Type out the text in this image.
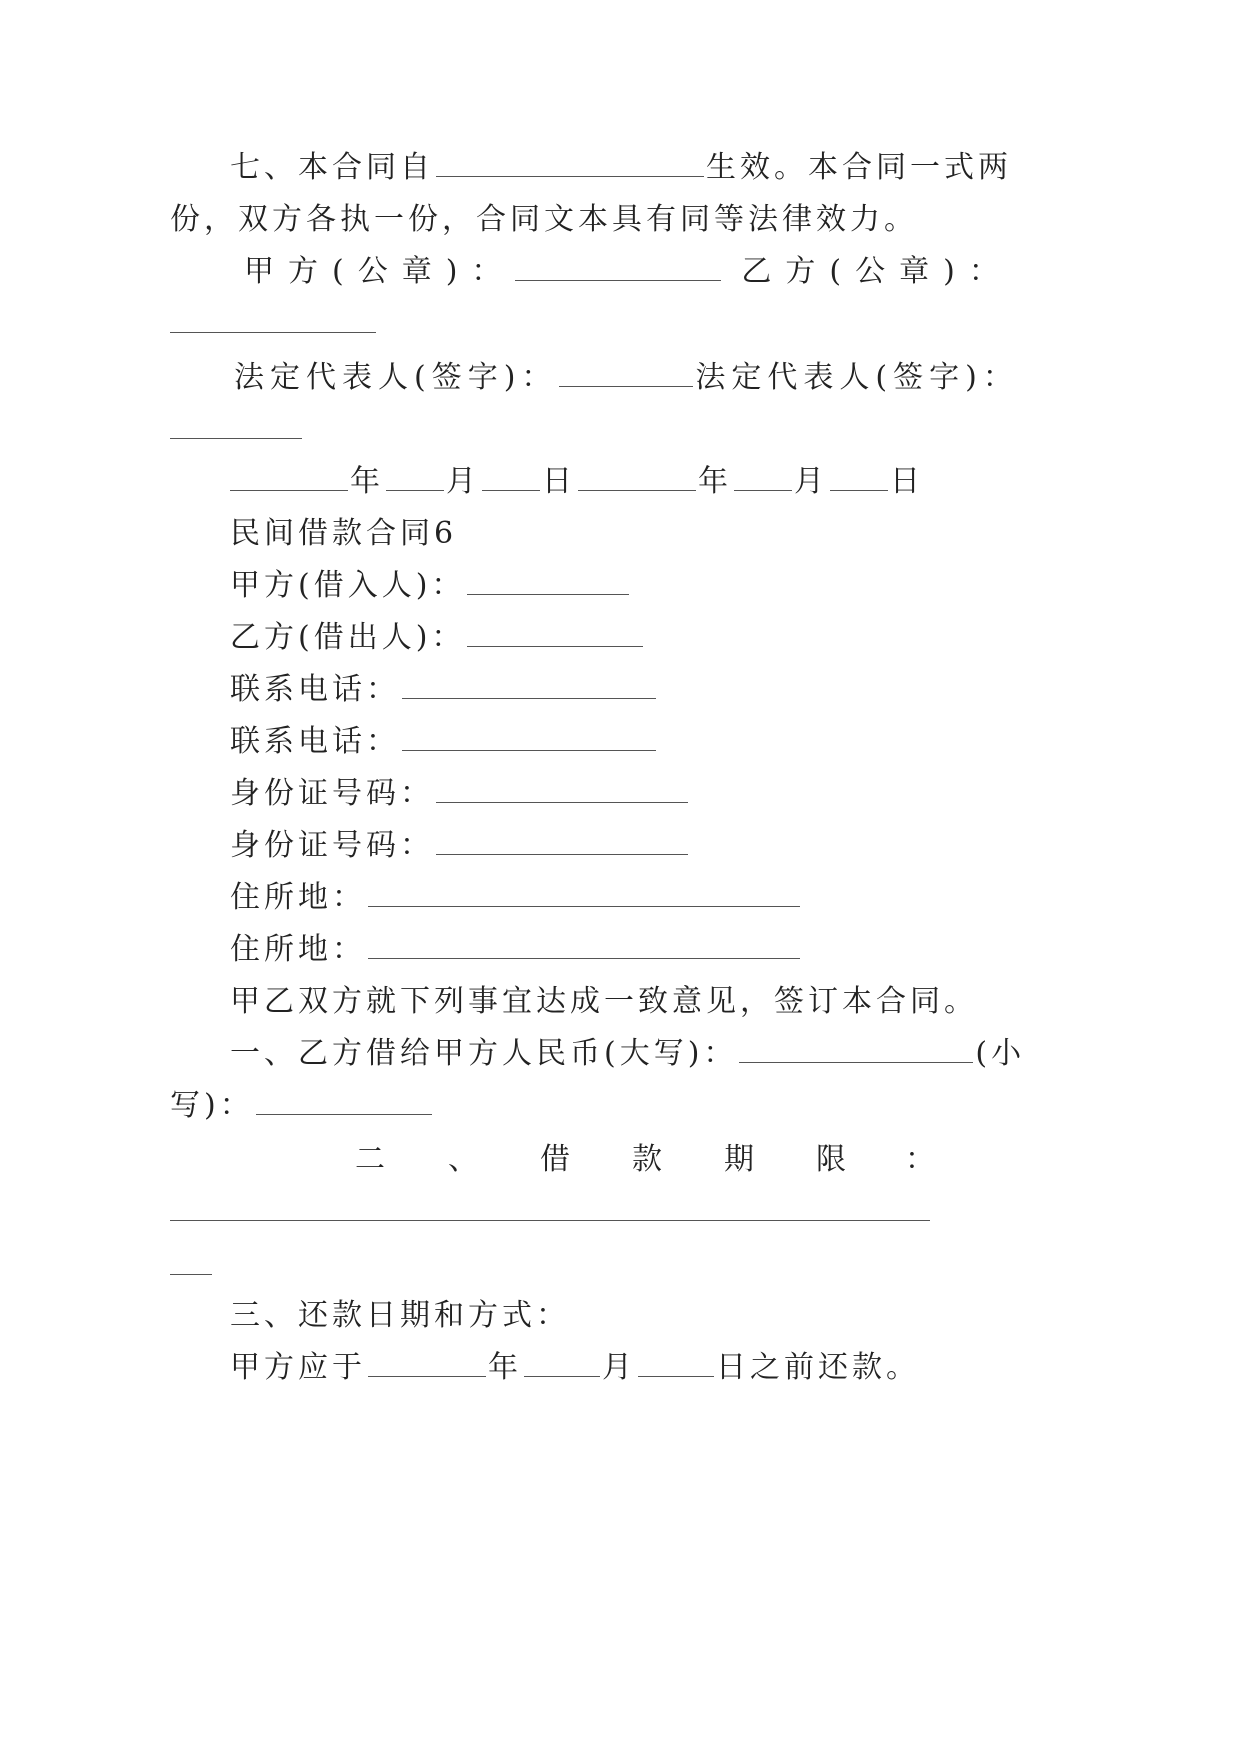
七、本合同自	生效。本合同一式两
份，双方各执一份，合同文本具有同等法律效力。
甲方(公章)：	乙方(公章)：
法定代表人(签字)：	法定代表人(签字)：
年 月 日	年 月 日
民间借款合同6
甲方(借入人)：
乙方(借出人)：
联系电话：
联系电话：
身份证号码：
身份证号码：
住所地：
住所地：
甲乙双方就下列事宜达成一致意见，签订本合同。
一、乙方借给甲方人民币(大写)：	(小
写)：
二 、 借 款 期 限 ：
三、还款日期和方式：
甲方应于	年	月	日之前还款。
